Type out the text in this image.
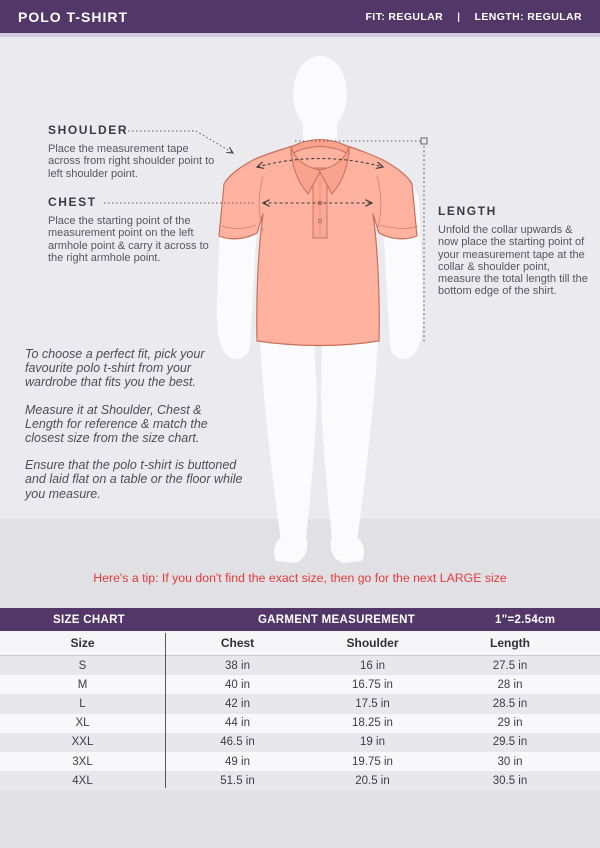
POLO T-SHIRT	FIT: REGULAR | LENGTH: REGULAR
SHOULDER

Place the measurement tape across from right shoulder point to left shoulder point.

CHEST

Place the starting point of the measurement point on the left armhole point & carry it across to the right armhole point.

LENGTH

Unfold the collar upwards & now place the starting point of your measurement tape at the collar & shoulder point, measure the total length till the bottom edge of the shirt.

To choose a perfect fit, pick your favourite polo t-shirt from your wardrobe that fits you the best.

Measure it at Shoulder, Chest & Length for reference & match the closest size from the size chart.

Ensure that the polo t-shirt is buttoned and laid flat on a table or the floor while you measure.

Here's a tip: If you don't find the exact size, then go for the next LARGE size
SIZE CHART	GARMENT MEASUREMENT	1"=2.54cm
Size	Chest	Shoulder	Length
S	38 in	16 in	27.5 in
M	40 in	16.75 in	28 in
L	42 in	17.5 in	28.5 in
XL	44 in	18.25 in	29 in
XXL	46.5 in	19 in	29.5 in
3XL	49 in	19.75 in	30 in
4XL	51.5 in	20.5 in	30.5 in
